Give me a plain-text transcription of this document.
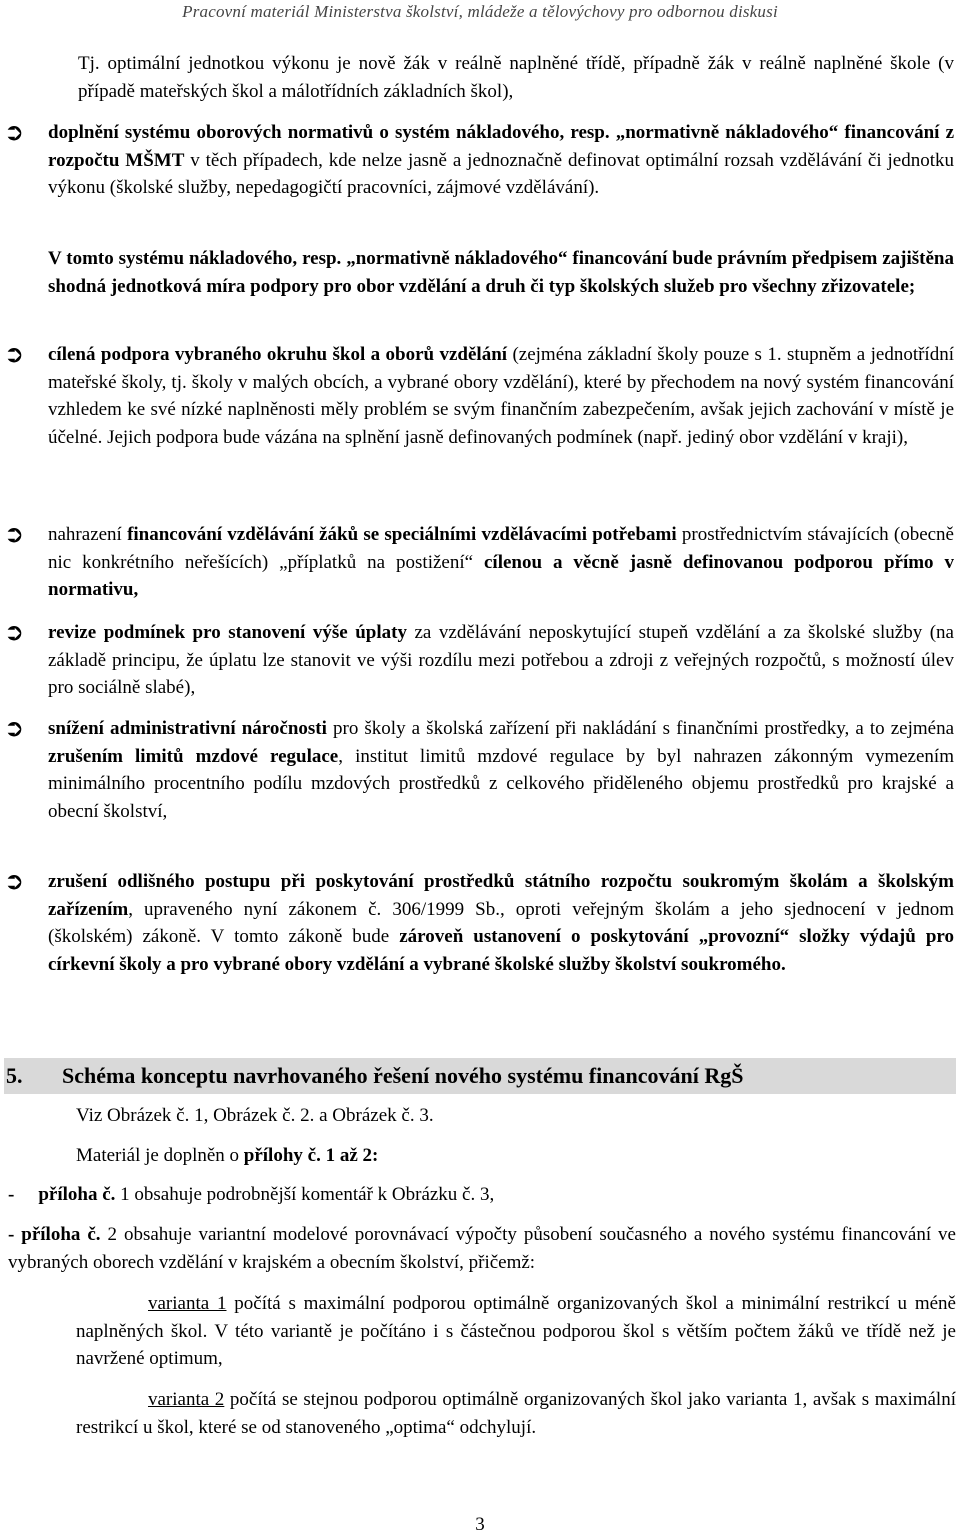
Pracovní materiál Ministerstva školství, mládeže a tělovýchovy pro odbornou diskusi
Tj. optimální jednotkou výkonu je nově žák v reálně naplněné třídě, případně žák v reálně naplněné škole (v případě mateřských škol a málotřídních základních škol),
➲ doplnění systému oborových normativů o systém nákladového, resp. „normativně nákladového“ financování z rozpočtu MŠMT v těch případech, kde nelze jasně a jednoznačně definovat optimální rozsah vzdělávání či jednotku výkonu (školské služby, nepedagogičtí pracovníci, zájmové vzdělávání).
V tomto systému nákladového, resp. „normativně nákladového“ financování bude právním předpisem zajištěna shodná jednotková míra podpory pro obor vzdělání a druh či typ školských služeb pro všechny zřizovatele;
➲ cílená podpora vybraného okruhu škol a oborů vzdělání (zejména základní školy pouze s 1. stupněm a jednotřídní mateřské školy, tj. školy v malých obcích, a vybrané obory vzdělání), které by přechodem na nový systém financování vzhledem ke své nízké naplněnosti měly problém se svým finančním zabezpečením, avšak jejich zachování v místě je účelné. Jejich podpora bude vázána na splnění jasně definovaných podmínek (např. jediný obor vzdělání v kraji),
➲ nahrazení financování vzdělávání žáků se speciálními vzdělávacími potřebami prostřednictvím stávajících (obecně nic konkrétního neřešících) „příplatků na postižení“ cílenou a věcně jasně definovanou podporou přímo v normativu,
➲ revize podmínek pro stanovení výše úplaty za vzdělávání neposkytující stupeň vzdělání a za školské služby (na základě principu, že úplatu lze stanovit ve výši rozdílu mezi potřebou a zdroji z veřejných rozpočtů, s možností úlev pro sociálně slabé),
➲ snížení administrativní náročnosti pro školy a školská zařízení při nakládání s finančními prostředky, a to zejména zrušením limitů mzdové regulace, institut limitů mzdové regulace by byl nahrazen zákonným vymezením minimálního procentního podílu mzdových prostředků z celkového přiděleného objemu prostředků pro krajské a obecní školství,
➲ zrušení odlišného postupu při poskytování prostředků státního rozpočtu soukromým školám a školským zařízením, upraveného nyní zákonem č. 306/1999 Sb., oproti veřejným školám a jeho sjednocení v jednom (školském) zákoně. V tomto zákoně bude zároveň ustanovení o poskytování „provozní“ složky výdajů pro církevní školy a pro vybrané obory vzdělání a vybrané školské služby školství soukromého.
5. Schéma konceptu navrhovaného řešení nového systému financování RgŠ
Viz Obrázek č. 1, Obrázek č. 2. a Obrázek č. 3.
Materiál je doplněn o přílohy č. 1 až 2:
- příloha č. 1 obsahuje podrobnější komentář k Obrázku č. 3,
- příloha č. 2 obsahuje variantní modelové porovnávací výpočty působení současného a nového systému financování ve vybraných oborech vzdělání v krajském a obecním školství, přičemž:
varianta 1 počítá s maximální podporou optimálně organizovaných škol a minimální restrikcí u méně naplněných škol. V této variantě je počítáno i s částečnou podporou škol s větším počtem žáků ve třídě než je navržené optimum,
varianta 2 počítá se stejnou podporou optimálně organizovaných škol jako varianta 1, avšak s maximální restrikcí u škol, které se od stanoveného „optima“ odchylují.
3
